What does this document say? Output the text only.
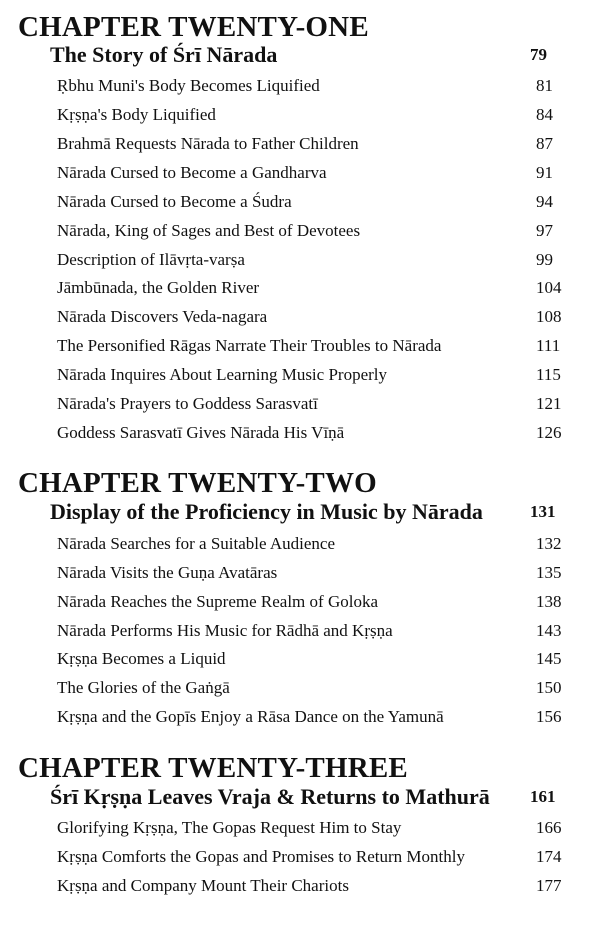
CHAPTER TWENTY-ONE
The Story of Śrī Nārada	79
Ṛbhu Muni's Body Becomes Liquified	81
Kṛṣṇa's Body Liquified	84
Brahmā Requests Nārada to Father Children	87
Nārada Cursed to Become a Gandharva	91
Nārada Cursed to Become a Śudra	94
Nārada, King of Sages and Best of Devotees	97
Description of Ilāvṛta-varṣa	99
Jāmbūnada, the Golden River	104
Nārada Discovers Veda-nagara	108
The Personified Rāgas Narrate Their Troubles to Nārada	111
Nārada Inquires About Learning Music Properly	115
Nārada's Prayers to Goddess Sarasvatī	121
Goddess Sarasvatī Gives Nārada His Vīṇā	126
CHAPTER TWENTY-TWO
Display of the Proficiency in Music by Nārada	131
Nārada Searches for a Suitable Audience	132
Nārada Visits the Guṇa Avatāras	135
Nārada Reaches the Supreme Realm of Goloka	138
Nārada Performs His Music for Rādhā and Kṛṣṇa	143
Kṛṣṇa Becomes a Liquid	145
The Glories of the Gaṅgā	150
Kṛṣṇa and the Gopīs Enjoy a Rāsa Dance on the Yamunā	156
CHAPTER TWENTY-THREE
Śrī Kṛṣṇa Leaves Vraja & Returns to Mathurā 161
Glorifying Kṛṣṇa, The Gopas Request Him to Stay	166
Kṛṣṇa Comforts the Gopas and Promises to Return Monthly	174
Kṛṣṇa and Company Mount Their Chariots	177
